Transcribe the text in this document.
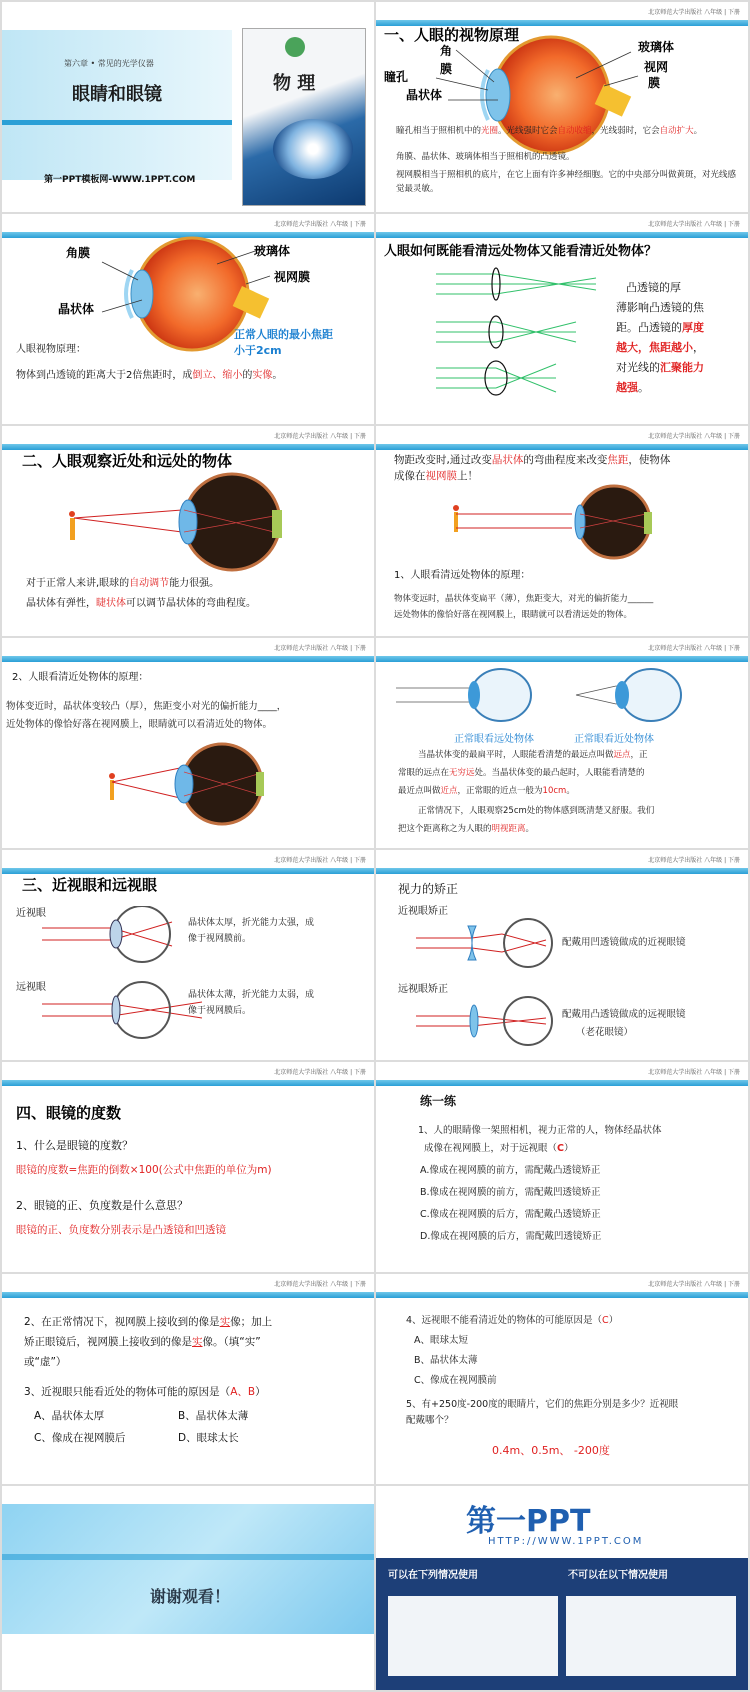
第六章 • 常见的光学仪器

眼睛和眼镜

第一PPT模板网-WWW.1PPT.COM

物 理

北京师范大学出版社 八年级 | 下册

一、人眼的视物原理

角

膜

瞳孔

晶状体

玻璃体

视网

膜

瞳孔相当于照相机中的光圈。光线强时它会自动收缩，光线弱时，它会自动扩大。

角膜、晶状体、玻璃体相当于照相机的凸透镜。

视网膜相当于照相机的底片，在它上面有许多神经细胞。它的中央部分叫做黄斑，对光线感觉最灵敏。

北京师范大学出版社 八年级 | 下册

角膜	玻璃体

视网膜

晶状体

正常人眼的最小焦距

小于2cm

人眼视物原理：

物体到凸透镜的距离大于2倍焦距时，成倒立、缩小的实像。

北京师范大学出版社 八年级 | 下册

人眼如何既能看清远处物体又能看清近处物体？

凸透镜的厚

薄影响凸透镜的焦

距。凸透镜的厚度

越大，焦距越小，

对光线的汇聚能力

越强。

北京师范大学出版社 八年级 | 下册

二、人眼观察近处和远处的物体

对于正常人来讲,眼球的自动调节能力很强。

晶状体有弹性，睫状体可以调节晶状体的弯曲程度。

北京师范大学出版社 八年级 | 下册

物距改变时,通过改变晶状体的弯曲程度来改变焦距，使物体

成像在视网膜上！

1、人眼看清远处物体的原理：

物体变远时，晶状体变扁平（薄），焦距变大，对光的偏折能力______

远处物体的像恰好落在视网膜上，眼睛就可以看清远处的物体。

北京师范大学出版社 八年级 | 下册

2、人眼看清近处物体的原理：

物体变近时，晶状体变较凸（厚），焦距变小对光的偏折能力____，

近处物体的像恰好落在视网膜上，眼睛就可以看清近处的物体。

北京师范大学出版社 八年级 | 下册

正常眼看远处物体	正常眼看近处物体

当晶状体变的最扁平时，人眼能看清楚的最远点叫做远点，正

常眼的远点在无穷远处。当晶状体变的最凸起时，人眼能看清楚的

最近点叫做近点，正常眼的近点一般为10cm。

正常情况下，人眼观察25cm处的物体感到既清楚又舒服。我们

把这个距离称之为人眼的明视距离。

北京师范大学出版社 八年级 | 下册

三、近视眼和远视眼

近视眼

远视眼

晶状体太厚，折光能力太强，成

像于视网膜前。

晶状体太薄，折光能力太弱，成

像于视网膜后。

北京师范大学出版社 八年级 | 下册

视力的矫正

近视眼矫正

远视眼矫正

配戴用凹透镜做成的近视眼镜

配戴用凸透镜做成的远视眼镜

（老花眼镜）

北京师范大学出版社 八年级 | 下册

四、眼镜的度数

1、什么是眼镜的度数？

眼镜的度数=焦距的倒数×100(公式中焦距的单位为m)

2、眼镜的正、负度数是什么意思？

眼镜的正、负度数分别表示是凸透镜和凹透镜

北京师范大学出版社 八年级 | 下册

练一练

1、人的眼睛像一架照相机，视力正常的人，物体经晶状体

成像在视网膜上，对于远视眼（C）

A.像成在视网膜的前方，需配戴凸透镜矫正

B.像成在视网膜的前方，需配戴凹透镜矫正

C.像成在视网膜的后方，需配戴凸透镜矫正

D.像成在视网膜的后方，需配戴凹透镜矫正

北京师范大学出版社 八年级 | 下册

2、在正常情况下，视网膜上接收到的像是实像；加上

矫正眼镜后，视网膜上接收到的像是实像。（填“实”

或“虚”）

3、近视眼只能看近处的物体可能的原因是（A、B）

A、晶状体太厚	B、晶状体太薄

C、像成在视网膜后	D、眼球太长

北京师范大学出版社 八年级 | 下册

4、远视眼不能看清近处的物体的可能原因是（C）

A、眼球太短

B、晶状体太薄

C、像成在视网膜前

5、有+250度-200度的眼睛片，它们的焦距分别是多少？近视眼

配戴哪个？

0.4m、0.5m、 -200度

谢谢观看！

第一PPT

HTTP://WWW.1PPT.COM

可以在下列情况使用	不可以在以下情况使用
